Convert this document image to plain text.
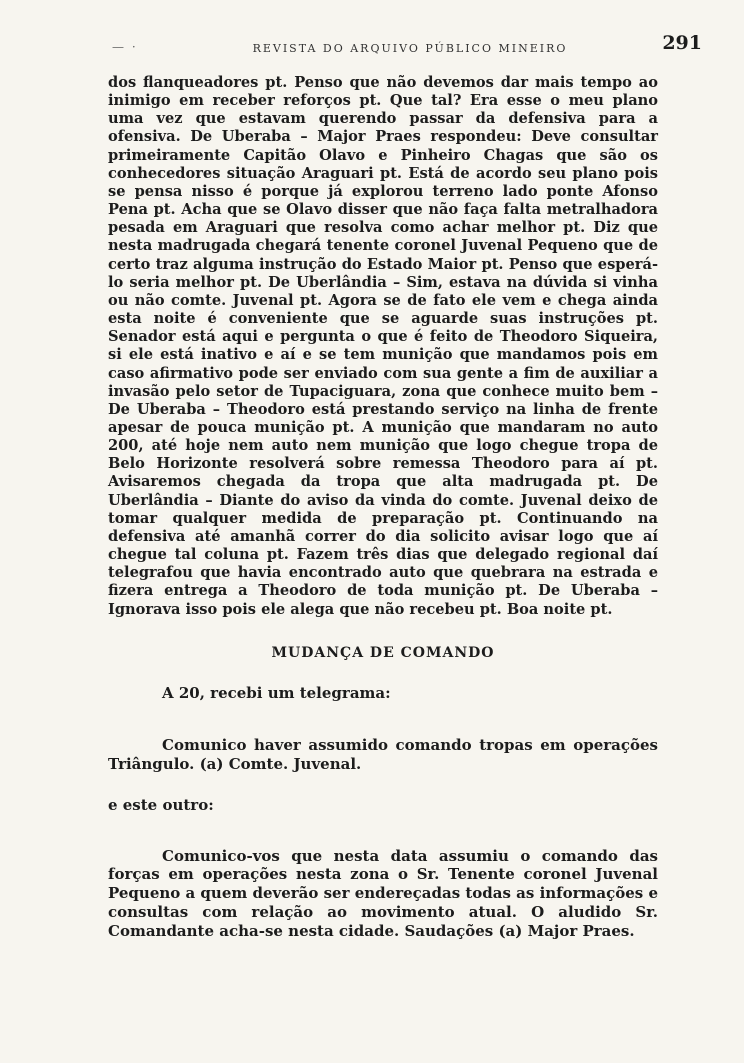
— ·	REVISTA DO ARQUIVO PÚBLICO MINEIRO	291

dos flanqueadores pt. Penso que não devemos dar mais tempo ao inimigo em receber reforços pt. Que tal? Era esse o meu plano uma vez que estavam querendo passar da defensiva para a ofensiva. De Uberaba – Major Praes respondeu: Deve consultar primeiramente Capitão Olavo e Pinheiro Chagas que são os conhecedores situação Araguari pt. Está de acordo seu plano pois se pensa nisso é porque já explorou terreno lado ponte Afonso Pena pt. Acha que se Olavo disser que não faça falta metralhadora pesada em Araguari que resolva como achar melhor pt. Diz que nesta madrugada chegará tenente coronel Juvenal Pequeno que de certo traz alguma instrução do Estado Maior pt. Penso que esperá-lo seria melhor pt. De Uberlândia – Sim, estava na dúvida si vinha ou não comte. Juvenal pt. Agora se de fato ele vem e chega ainda esta noite é conveniente que se aguarde suas instruções pt. Senador está aqui e pergunta o que é feito de Theodoro Siqueira, si ele está inativo e aí e se tem munição que mandamos pois em caso afirmativo pode ser enviado com sua gente a fim de auxiliar a invasão pelo setor de Tupaciguara, zona que conhece muito bem – De Uberaba – Theodoro está prestando serviço na linha de frente apesar de pouca munição pt. A munição que mandaram no auto 200, até hoje nem auto nem munição que logo chegue tropa de Belo Horizonte resolverá sobre remessa Theodoro para aí pt. Avisaremos chegada da tropa que alta madrugada pt. De Uberlândia – Diante do aviso da vinda do comte. Juvenal deixo de tomar qualquer medida de preparação pt. Continuando na defensiva até amanhã correr do dia solicito avisar logo que aí chegue tal coluna pt. Fazem três dias que delegado regional daí telegrafou que havia encontrado auto que quebrara na estrada e fizera entrega a Theodoro de toda munição pt. De Uberaba – Ignorava isso pois ele alega que não recebeu pt. Boa noite pt.

MUDANÇA DE COMANDO
A 20, recebi um telegrama:
Comunico haver assumido comando tropas em operações Triângulo. (a) Comte. Juvenal.
e este outro:
Comunico-vos que nesta data assumiu o comando das forças em operações nesta zona o Sr. Tenente coronel Juvenal Pequeno a quem deverão ser endereçadas todas as informações e consultas com relação ao movimento atual. O aludido Sr. Comandante acha-se nesta cidade. Saudações (a) Major Praes.
